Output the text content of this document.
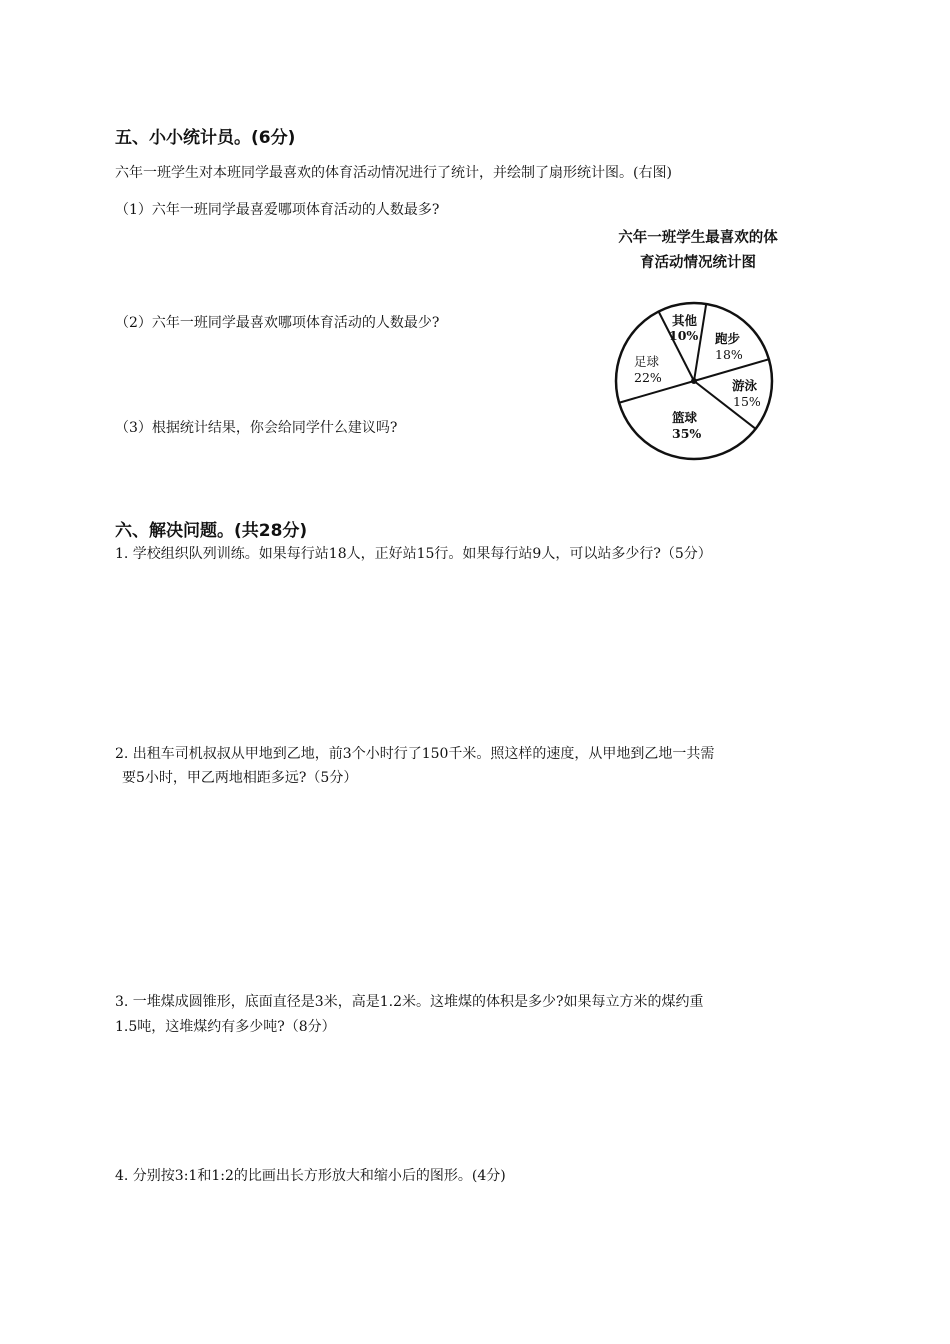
五、小小统计员。(6分)
六年一班学生对本班同学最喜欢的体育活动情况进行了统计，并绘制了扇形统计图。(右图)
（1）六年一班同学最喜爱哪项体育活动的人数最多?
（2）六年一班同学最喜欢哪项体育活动的人数最少?
（3）根据统计结果，你会给同学什么建议吗?
六年一班学生最喜欢的体
育活动情况统计图
其他
10% 跑步
18%
游泳
15%
篮球
35%
足球
22%
六、解决问题。(共28分)
1. 学校组织队列训练。如果每行站18人，正好站15行。如果每行站9人，可以站多少行?（5分）
2. 出租车司机叔叔从甲地到乙地，前3个小时行了150千米。照这样的速度，从甲地到乙地一共需
要5小时，甲乙两地相距多远?（5分）
3. 一堆煤成圆锥形，底面直径是3米，高是1.2米。这堆煤的体积是多少?如果每立方米的煤约重
1.5吨，这堆煤约有多少吨?（8分）
4. 分别按3:1和1:2的比画出长方形放大和缩小后的图形。(4分)
